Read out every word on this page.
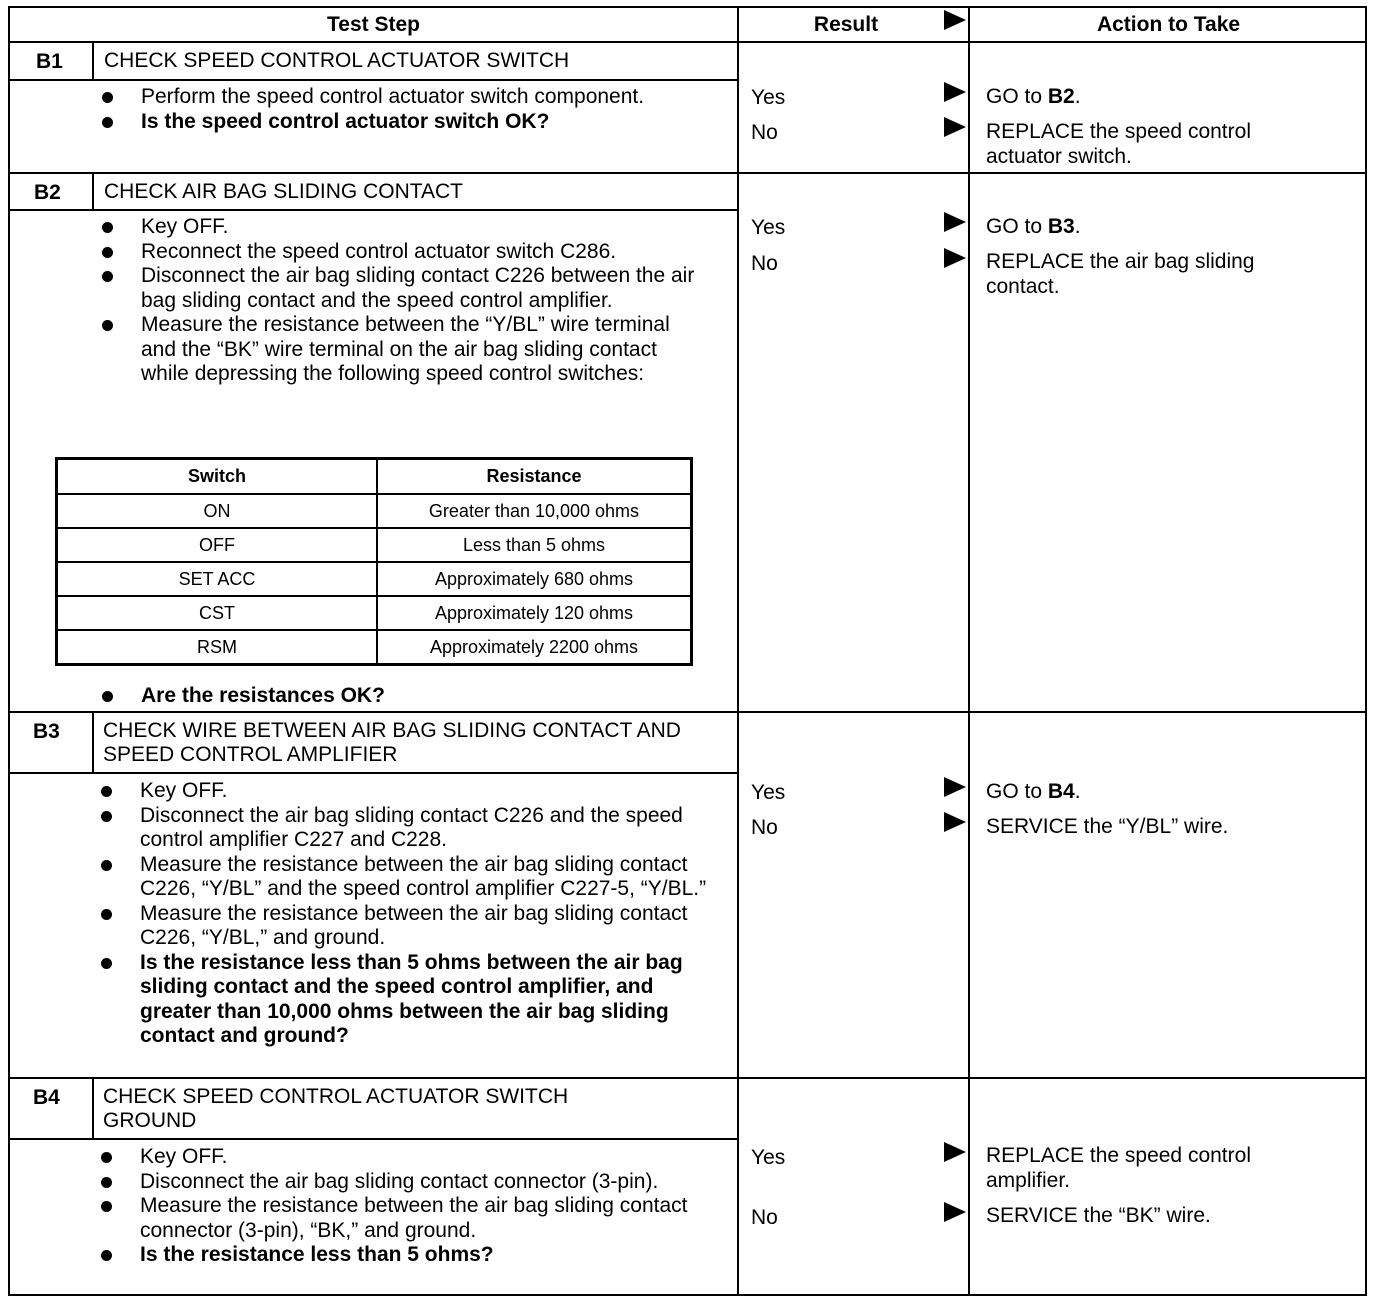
Test Step	Result	Action to Take
B1 CHECK SPEED CONTROL ACTUATOR SWITCH
Perform the speed control actuator switch component.
Is the speed control actuator switch OK?
Yes	GO to B2.
No	REPLACE the speed control actuator switch.
B2 CHECK AIR BAG SLIDING CONTACT
Key OFF.
Reconnect the speed control actuator switch C286.
Disconnect the air bag sliding contact C226 between the air bag sliding contact and the speed control amplifier.
Measure the resistance between the “Y/BL” wire terminal and the “BK” wire terminal on the air bag sliding contact while depressing the following speed control switches:
Switch	Resistance
ON	Greater than 10,000 ohms
OFF	Less than 5 ohms
SET ACC	Approximately 680 ohms
CST	Approximately 120 ohms
RSM	Approximately 2200 ohms
Are the resistances OK?
Yes	GO to B3.
No	REPLACE the air bag sliding contact.
B3 CHECK WIRE BETWEEN AIR BAG SLIDING CONTACT AND SPEED CONTROL AMPLIFIER
Key OFF.
Disconnect the air bag sliding contact C226 and the speed control amplifier C227 and C228.
Measure the resistance between the air bag sliding contact C226, “Y/BL” and the speed control amplifier C227-5, “Y/BL.”
Measure the resistance between the air bag sliding contact C226, “Y/BL,” and ground.
Is the resistance less than 5 ohms between the air bag sliding contact and the speed control amplifier, and greater than 10,000 ohms between the air bag sliding contact and ground?
Yes	GO to B4.
No	SERVICE the “Y/BL” wire.
B4 CHECK SPEED CONTROL ACTUATOR SWITCH GROUND
Key OFF.
Disconnect the air bag sliding contact connector (3-pin).
Measure the resistance between the air bag sliding contact connector (3-pin), “BK,” and ground.
Is the resistance less than 5 ohms?
Yes	REPLACE the speed control amplifier.
No	SERVICE the “BK” wire.
